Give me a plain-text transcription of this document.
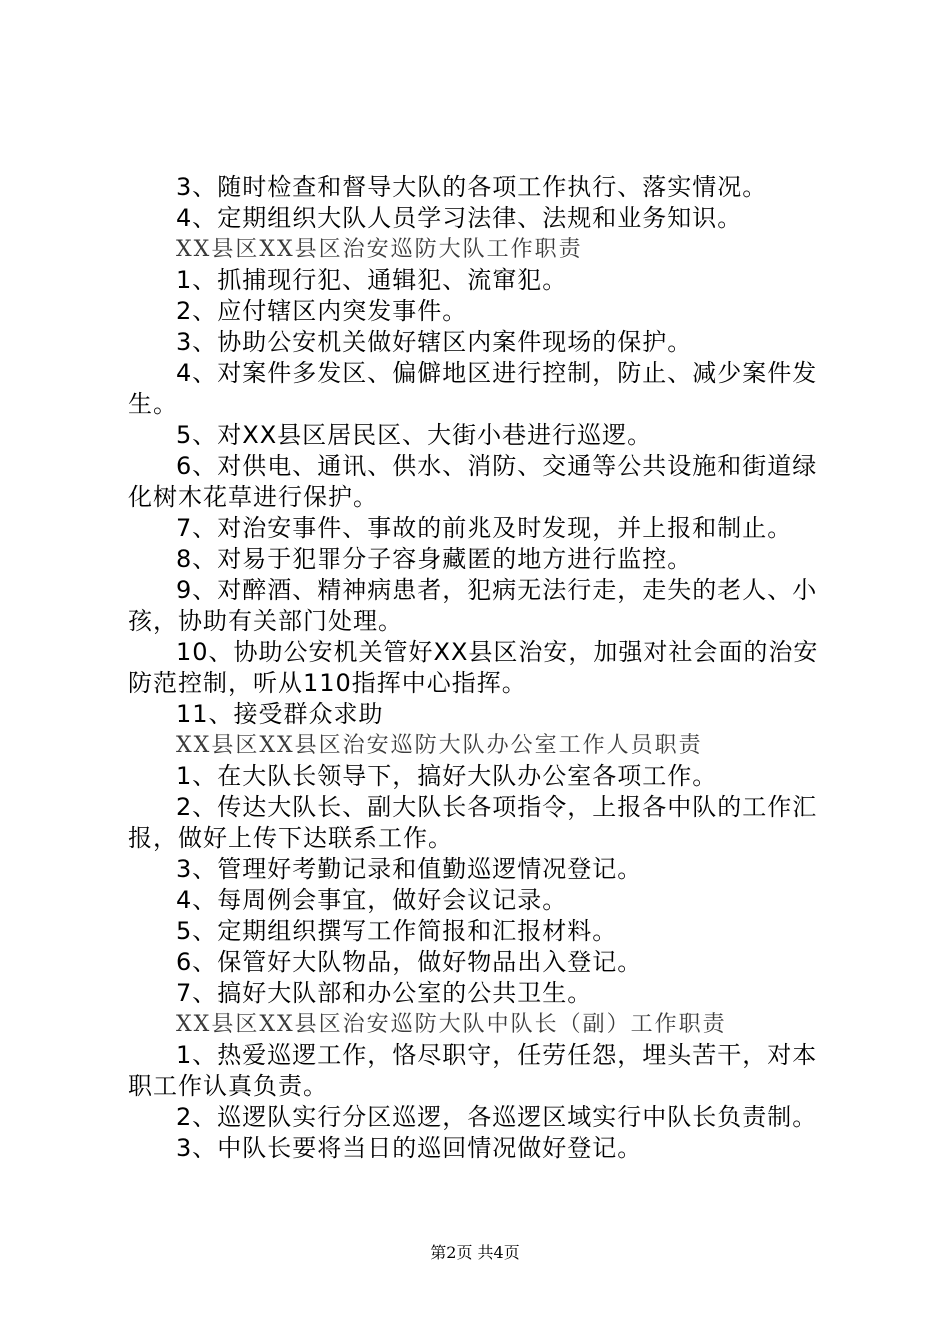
3、随时检查和督导大队的各项工作执行、落实情况。

4、定期组织大队人员学习法律、法规和业务知识。

XX县区XX县区治安巡防大队工作职责

1、抓捕现行犯、通辑犯、流窜犯。

2、应付辖区内突发事件。

3、协助公安机关做好辖区内案件现场的保护。

4、对案件多发区、偏僻地区进行控制，防止、减少案件发生。

5、对XX县区居民区、大街小巷进行巡逻。

6、对供电、通讯、供水、消防、交通等公共设施和街道绿化树木花草进行保护。

7、对治安事件、事故的前兆及时发现，并上报和制止。

8、对易于犯罪分子容身藏匿的地方进行监控。

9、对醉酒、精神病患者，犯病无法行走，走失的老人、小孩，协助有关部门处理。

10、协助公安机关管好XX县区治安，加强对社会面的治安防范控制，听从110指挥中心指挥。

11、接受群众求助

XX县区XX县区治安巡防大队办公室工作人员职责

1、在大队长领导下，搞好大队办公室各项工作。

2、传达大队长、副大队长各项指令，上报各中队的工作汇报，做好上传下达联系工作。

3、管理好考勤记录和值勤巡逻情况登记。

4、每周例会事宜，做好会议记录。

5、定期组织撰写工作简报和汇报材料。

6、保管好大队物品，做好物品出入登记。

7、搞好大队部和办公室的公共卫生。

XX县区XX县区治安巡防大队中队长（副）工作职责

1、热爱巡逻工作，恪尽职守，任劳任怨，埋头苦干，对本职工作认真负责。

2、巡逻队实行分区巡逻，各巡逻区域实行中队长负责制。

3、中队长要将当日的巡回情况做好登记。

第2页 共4页
